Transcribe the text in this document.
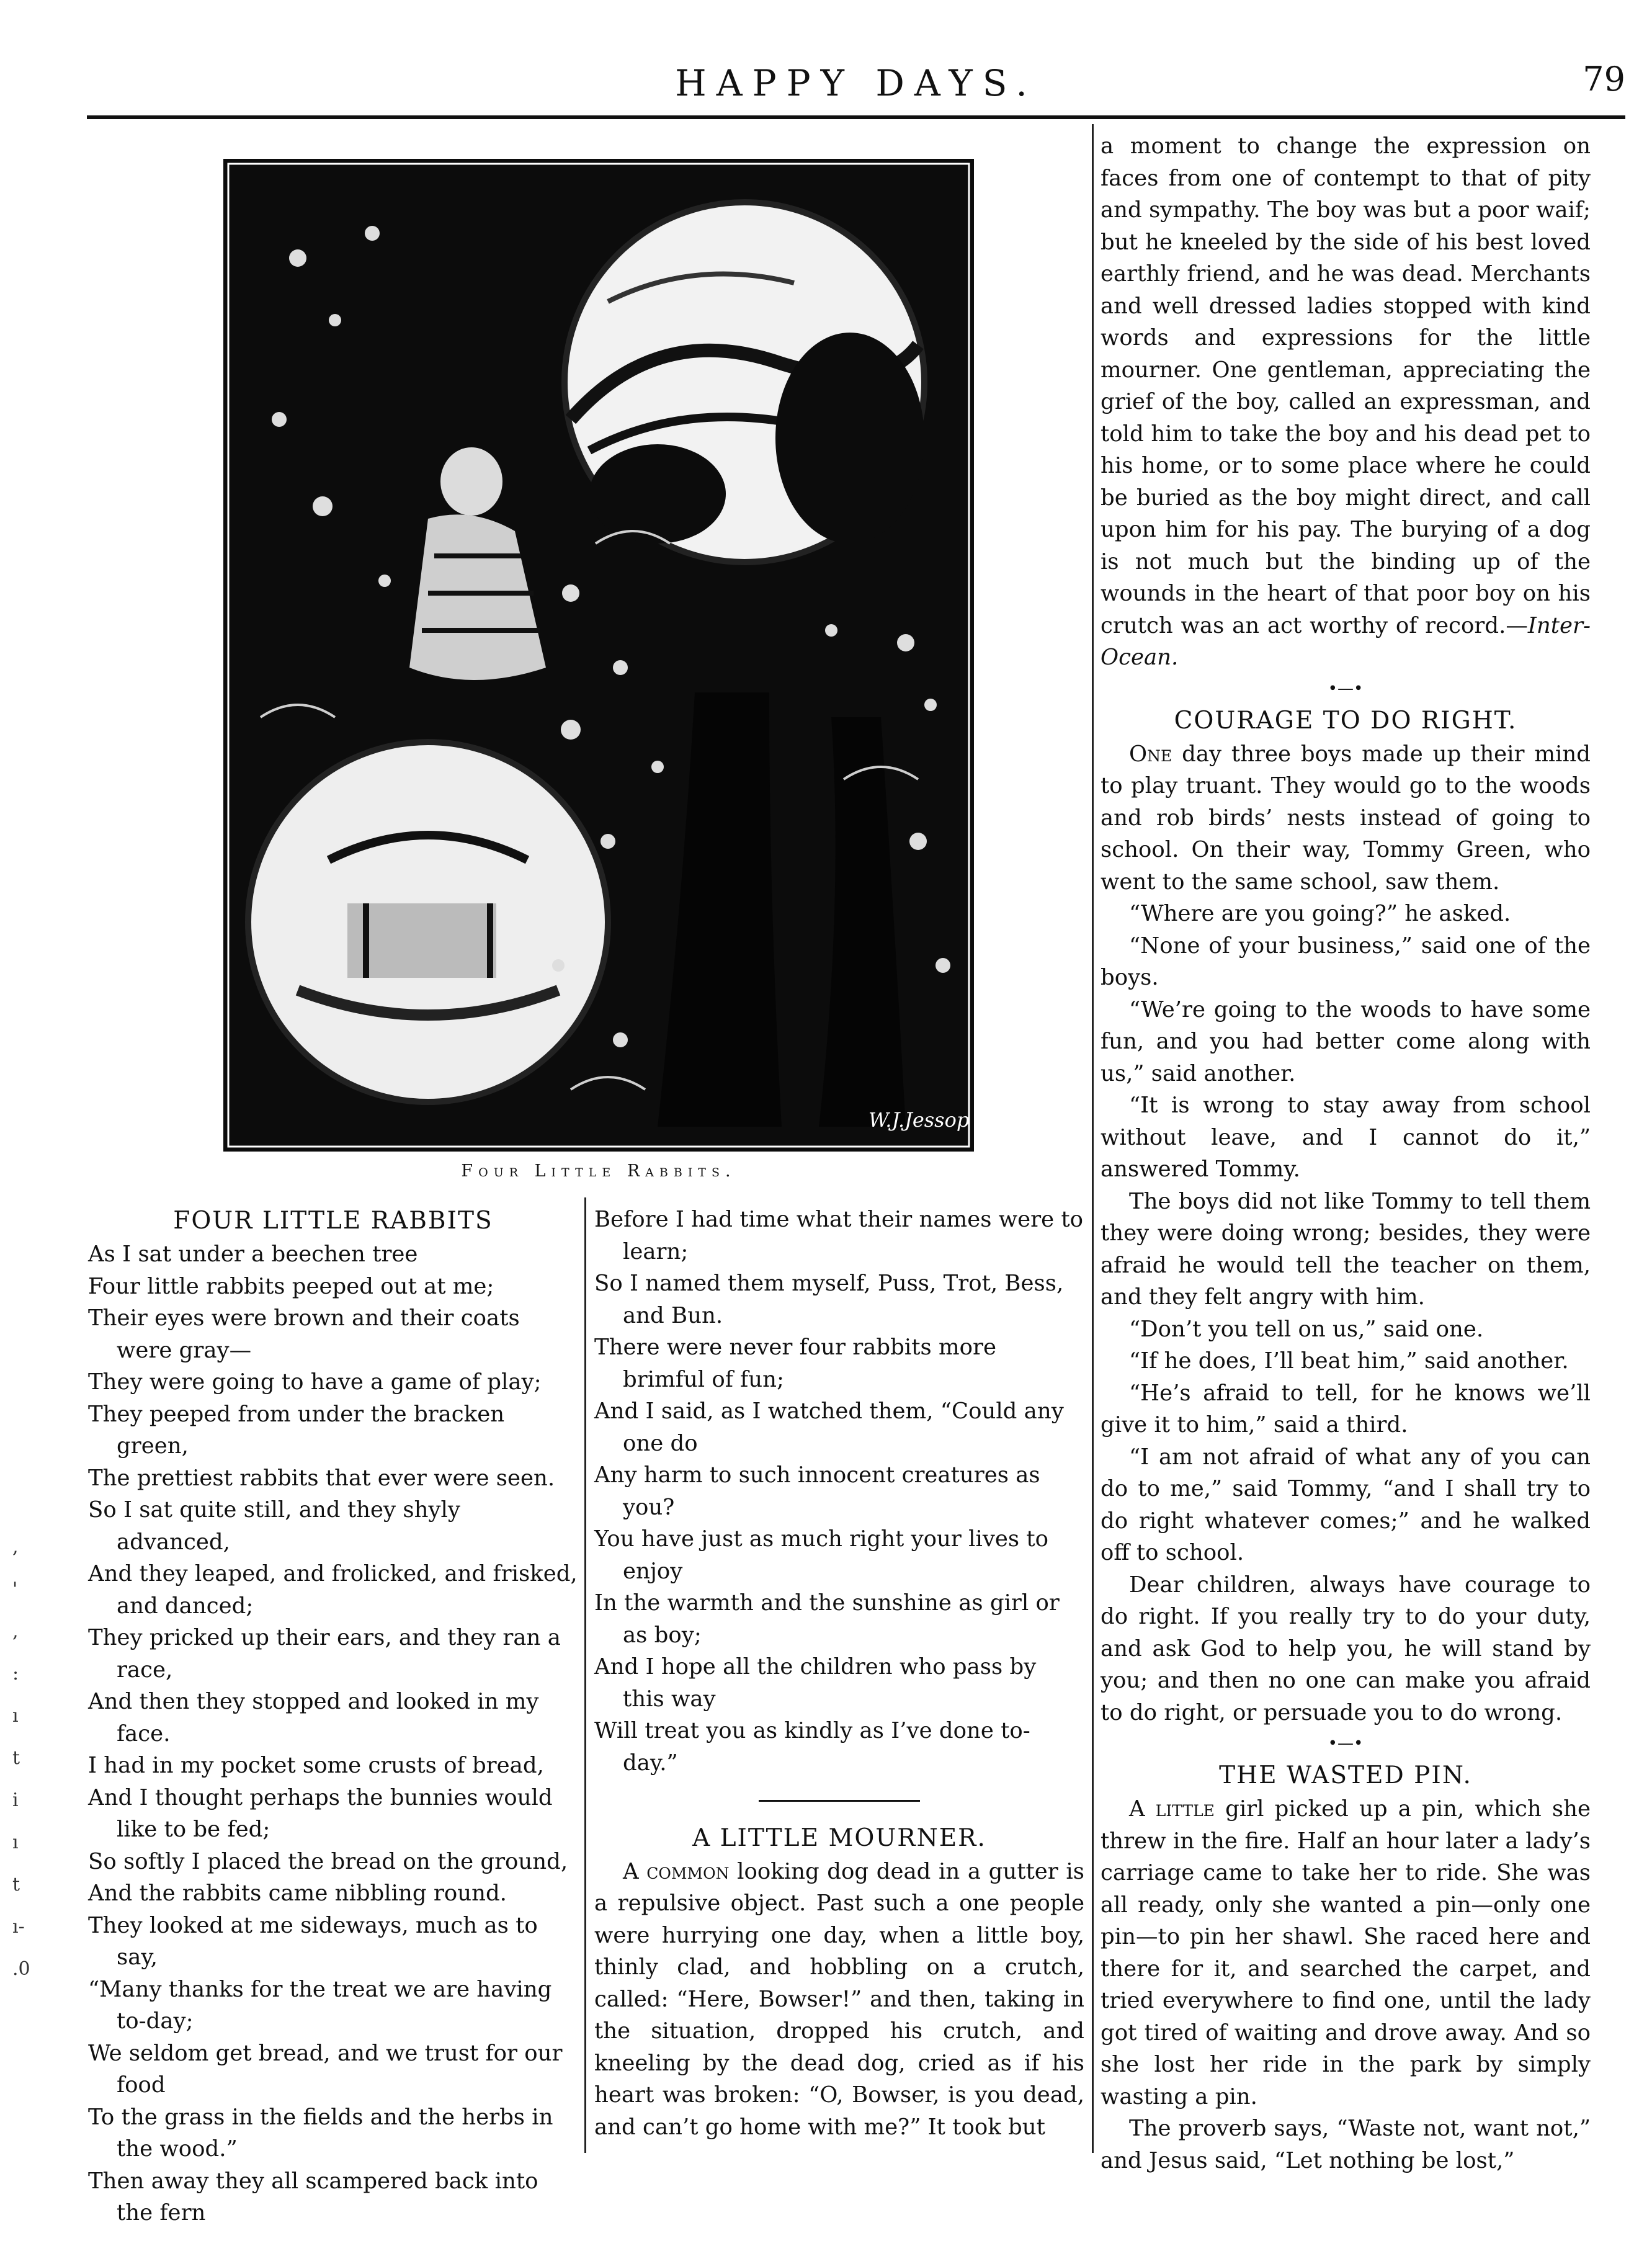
HAPPY DAYS.	79
W.J.Jessop
Four Little Rabbits.
FOUR LITTLE RABBITS

As I sat under a beechen tree

Four little rabbits peeped out at me;

Their eyes were brown and their coats were gray—

They were going to have a game of play;

They peeped from under the bracken green,

The prettiest rabbits that ever were seen.

So I sat quite still, and they shyly advanced,

And they leaped, and frolicked, and frisked, and danced;

They pricked up their ears, and they ran a race,

And then they stopped and looked in my face.

I had in my pocket some crusts of bread,

And I thought perhaps the bunnies would like to be fed;

So softly I placed the bread on the ground,

And the rabbits came nibbling round.

They looked at me sideways, much as to say,

“Many thanks for the treat we are having to-day;

We seldom get bread, and we trust for our food

To the grass in the fields and the herbs in the wood.”

Then away they all scampered back into the fern

Before I had time what their names were to learn;

So I named them myself, Puss, Trot, Bess, and Bun.

There were never four rabbits more brimful of fun;

And I said, as I watched them, “Could any one do

Any harm to such innocent creatures as you?

You have just as much right your lives to enjoy

In the warmth and the sunshine as girl or as boy;

And I hope all the children who pass by this way

Will treat you as kindly as I’ve done to-day.”

A LITTLE MOURNER.

A common looking dog dead in a gutter is a repulsive object. Past such a one people were hurrying one day, when a little boy, thinly clad, and hobbling on a crutch, called: “Here, Bowser!” and then, taking in the situation, dropped his crutch, and kneeling by the dead dog, cried as if his heart was broken: “O, Bowser, is you dead, and can’t go home with me?” It took but

a moment to change the expression on faces from one of contempt to that of pity and sympathy. The boy was but a poor waif; but he kneeled by the side of his best loved earthly friend, and he was dead. Merchants and well dressed ladies stopped with kind words and expressions for the little mourner. One gentleman, appreciating the grief of the boy, called an expressman, and told him to take the boy and his dead pet to his home, or to some place where he could be buried as the boy might direct, and call upon him for his pay. The burying of a dog is not much but the binding up of the wounds in the heart of that poor boy on his crutch was an act worthy of record.—Inter-Ocean.

•—•
COURAGE TO DO RIGHT.

One day three boys made up their mind to play truant. They would go to the woods and rob birds’ nests instead of going to school. On their way, Tommy Green, who went to the same school, saw them.

“Where are you going?” he asked.

“None of your business,” said one of the boys.

“We’re going to the woods to have some fun, and you had better come along with us,” said another.

“It is wrong to stay away from school without leave, and I cannot do it,” answered Tommy.

The boys did not like Tommy to tell them they were doing wrong; besides, they were afraid he would tell the teacher on them, and they felt angry with him.

“Don’t you tell on us,” said one.

“If he does, I’ll beat him,” said another.

“He’s afraid to tell, for he knows we’ll give it to him,” said a third.

“I am not afraid of what any of you can do to me,” said Tommy, “and I shall try to do right whatever comes;” and he walked off to school.

Dear children, always have courage to do right. If you really try to do your duty, and ask God to help you, he will stand by you; and then no one can make you afraid to do right, or persuade you to do wrong.

•—•
THE WASTED PIN.

A little girl picked up a pin, which she threw in the fire. Half an hour later a lady’s carriage came to take her to ride. She was all ready, only she wanted a pin—only one pin—to pin her shawl. She raced here and there for it, and searched the carpet, and tried everywhere to find one, until the lady got tired of waiting and drove away. And so she lost her ride in the park by simply wasting a pin.

The proverb says, “Waste not, want not,” and Jesus said, “Let nothing be lost,”

,
'
,
:
ı
t
i
ı
t
ı-
.0
